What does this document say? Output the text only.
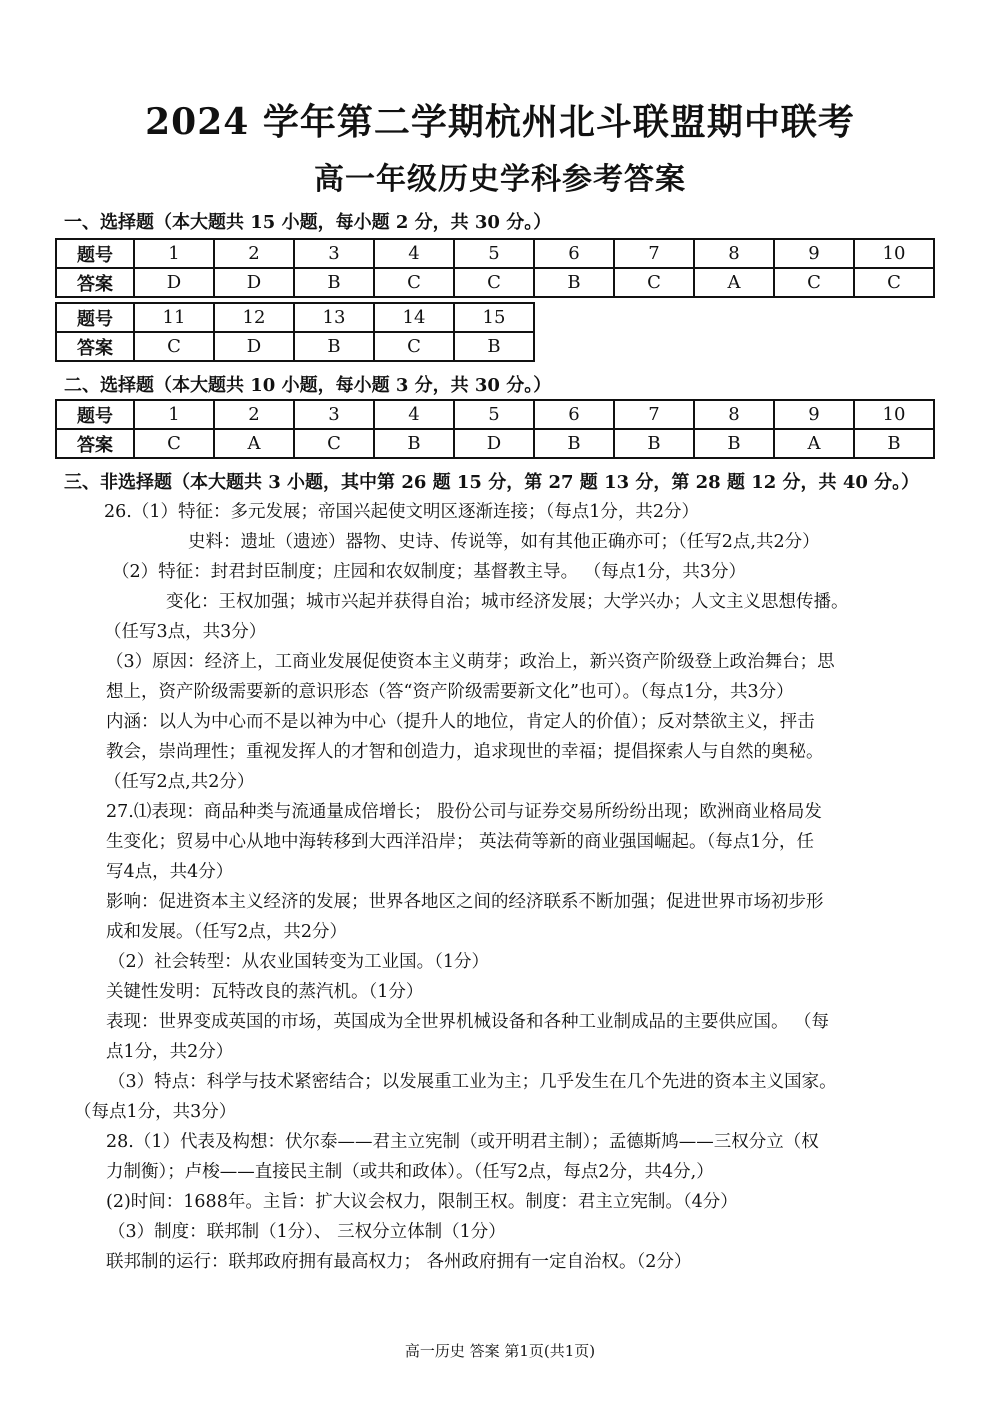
2024 学年第二学期杭州北斗联盟期中联考
高一年级历史学科参考答案
一、选择题（本大题共 15 小题，每小题 2 分，共 30 分。）
题号	1	2	3	4	5	6	7	8	9	10
答案	D	D	B	C	C	B	C	A	C	C
题号	11	12	13	14	15
答案	C	D	B	C	B
二、选择题（本大题共 10 小题，每小题 3 分，共 30 分。）
题号	1	2	3	4	5	6	7	8	9	10
答案	C	A	C	B	D	B	B	B	A	B
三、非选择题（本大题共 3 小题，其中第 26 题 15 分，第 27 题 13 分，第 28 题 12 分，共 40 分。）
26.（1）特征：多元发展；帝国兴起使文明区逐渐连接；（每点1分，共2分）
史料：遗址（遗迹）器物、史诗、传说等，如有其他正确亦可；（任写2点,共2分）
（2）特征：封君封臣制度；庄园和农奴制度；基督教主导。 （每点1分，共3分）
变化：王权加强；城市兴起并获得自治；城市经济发展；大学兴办；人文主义思想传播。
（任写3点，共3分）
（3）原因：经济上，工商业发展促使资本主义萌芽；政治上，新兴资产阶级登上政治舞台；思
想上，资产阶级需要新的意识形态（答“资产阶级需要新文化”也可）。（每点1分，共3分）
内涵：以人为中心而不是以神为中心（提升人的地位，肯定人的价值）；反对禁欲主义，抨击
教会，崇尚理性；重视发挥人的才智和创造力，追求现世的幸福；提倡探索人与自然的奥秘。
（任写2点,共2分）
27.⑴表现：商品种类与流通量成倍增长； 股份公司与证券交易所纷纷出现；欧洲商业格局发
生变化；贸易中心从地中海转移到大西洋沿岸； 英法荷等新的商业强国崛起。（每点1分，任
写4点，共4分）
影响：促进资本主义经济的发展；世界各地区之间的经济联系不断加强；促进世界市场初步形
成和发展。（任写2点，共2分）
（2）社会转型：从农业国转变为工业国。（1分）
关键性发明：瓦特改良的蒸汽机。（1分）
表现：世界变成英国的市场，英国成为全世界机械设备和各种工业制成品的主要供应国。 （每
点1分，共2分）
（3）特点：科学与技术紧密结合；以发展重工业为主；几乎发生在几个先进的资本主义国家。
（每点1分，共3分）
28.（1）代表及构想：伏尔泰——君主立宪制（或开明君主制）；孟德斯鸠——三权分立（权
力制衡）；卢梭——直接民主制（或共和政体）。（任写2点，每点2分，共4分,）
(2)时间：1688年。主旨：扩大议会权力，限制王权。制度：君主立宪制。（4分）
（3）制度：联邦制（1分）、 三权分立体制（1分）
联邦制的运行：联邦政府拥有最高权力； 各州政府拥有一定自治权。（2分）
高一历史 答案 第1页(共1页)
